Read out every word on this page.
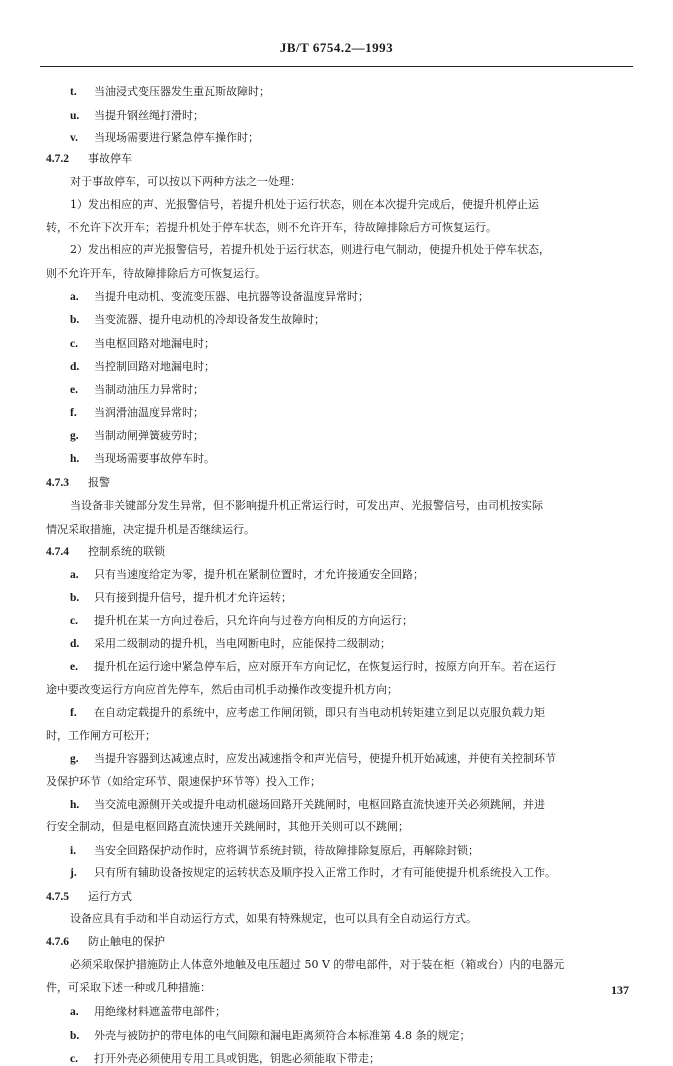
JB/T 6754.2—1993
t. 当油浸式变压器发生重瓦斯故障时；
u. 当提升钢丝绳打滑时；
v. 当现场需要进行紧急停车操作时；
4.7.2 事故停车
对于事故停车，可以按以下两种方法之一处理：
1）发出相应的声、光报警信号，若提升机处于运行状态，则在本次提升完成后，使提升机停止运
转，不允许下次开车；若提升机处于停车状态，则不允许开车，待故障排除后方可恢复运行。
2）发出相应的声光报警信号，若提升机处于运行状态，则进行电气制动，使提升机处于停车状态，
则不允许开车，待故障排除后方可恢复运行。
a. 当提升电动机、变流变压器、电抗器等设备温度异常时；
b. 当变流器、提升电动机的冷却设备发生故障时；
c. 当电枢回路对地漏电时；
d. 当控制回路对地漏电时；
e. 当制动油压力异常时；
f. 当润滑油温度异常时；
g. 当制动闸弹簧疲劳时；
h. 当现场需要事故停车时。
4.7.3 报警
当设备非关键部分发生异常，但不影响提升机正常运行时，可发出声、光报警信号，由司机按实际
情况采取措施，决定提升机是否继续运行。
4.7.4 控制系统的联锁
a. 只有当速度给定为零，提升机在紧制位置时，才允许接通安全回路；
b. 只有接到提升信号，提升机才允许运转；
c. 提升机在某一方向过卷后，只允许向与过卷方向相反的方向运行；
d. 采用二级制动的提升机，当电网断电时，应能保持二级制动；
e. 提升机在运行途中紧急停车后，应对原开车方向记忆，在恢复运行时，按原方向开车。若在运行
途中要改变运行方向应首先停车，然后由司机手动操作改变提升机方向；
f. 在自动定载提升的系统中，应考虑工作闸闭锁，即只有当电动机转矩建立到足以克服负载力矩
时，工作闸方可松开；
g. 当提升容器到达减速点时，应发出减速指令和声光信号，使提升机开始减速，并使有关控制环节
及保护环节（如给定环节、限速保护环节等）投入工作；
h. 当交流电源侧开关或提升电动机磁场回路开关跳闸时，电枢回路直流快速开关必须跳闸，并进
行安全制动，但是电枢回路直流快速开关跳闸时，其他开关则可以不跳闸；
i. 当安全回路保护动作时，应将调节系统封锁，待故障排除复原后，再解除封锁；
j. 只有所有辅助设备按规定的运转状态及顺序投入正常工作时，才有可能使提升机系统投入工作。
4.7.5 运行方式
设备应具有手动和半自动运行方式，如果有特殊规定，也可以具有全自动运行方式。
4.7.6 防止触电的保护
必须采取保护措施防止人体意外地触及电压超过 50 V 的带电部件，对于装在柜（箱或台）内的电器元
件，可采取下述一种或几种措施：
a. 用绝缘材料遮盖带电部件；
b. 外壳与被防护的带电体的电气间隙和漏电距离须符合本标准第 4.8 条的规定；
c. 打开外壳必须使用专用工具或钥匙，钥匙必须能取下带走；
137
